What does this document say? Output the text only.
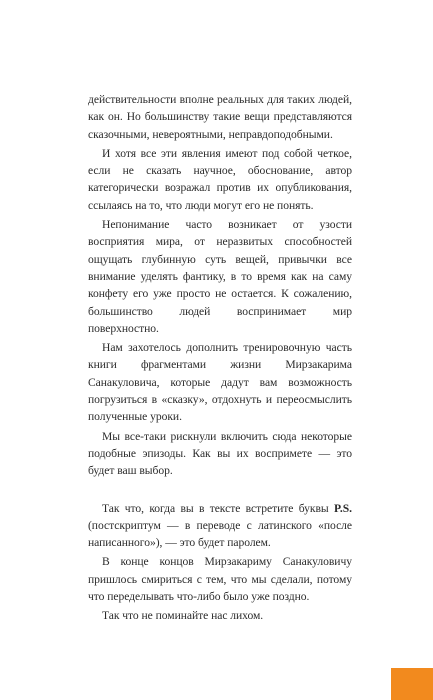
действительности вполне реальных для таких людей, как он. Но большинству такие вещи представляются сказочными, невероятными, неправдоподобными.

И хотя все эти явления имеют под собой четкое, если не сказать научное, обоснование, автор категорически возражал против их опубликования, ссылаясь на то, что люди могут его не понять.

Непонимание часто возникает от узости восприятия мира, от неразвитых способностей ощущать глубинную суть вещей, привычки все внимание уделять фантику, в то время как на саму конфету его уже просто не остается. К сожалению, большинство людей воспринимает мир поверхностно.

Нам захотелось дополнить тренировочную часть книги фрагментами жизни Мирзакарима Санакуловича, которые дадут вам возможность погрузиться в «сказку», отдохнуть и переосмыслить полученные уроки.

Мы все-таки рискнули включить сюда некоторые подобные эпизоды. Как вы их воспримете — это будет ваш выбор.

Так что, когда вы в тексте встретите буквы P.S. (постскриптум — в переводе с латинского «после написанного»), — это будет паролем.

В конце концов Мирзакариму Санакуловичу пришлось смириться с тем, что мы сделали, потому что переделывать что-либо было уже поздно.

Так что не поминайте нас лихом.

Л
